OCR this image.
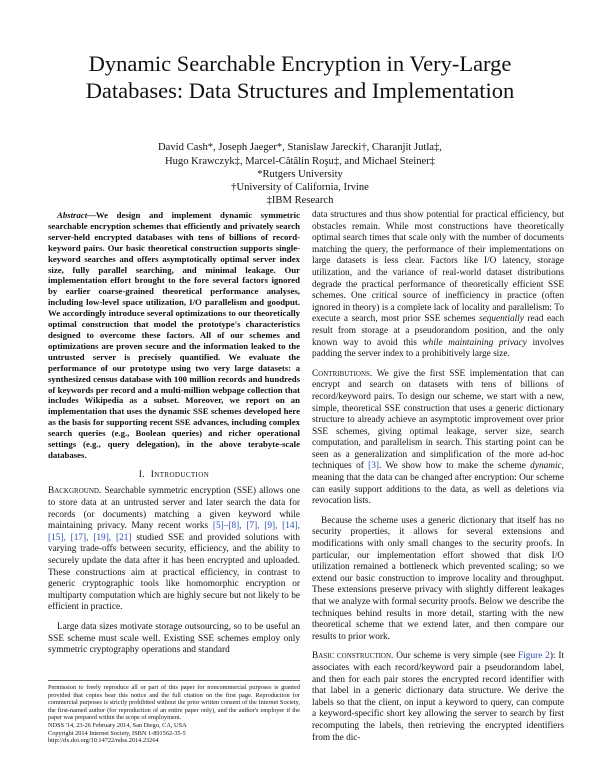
Dynamic Searchable Encryption in Very-Large Databases: Data Structures and Implementation
David Cash*, Joseph Jaeger*, Stanislaw Jarecki†, Charanjit Jutla‡,
Hugo Krawczyk‡, Marcel-Cătălin Roşu‡, and Michael Steiner‡
*Rutgers University
†University of California, Irvine
‡IBM Research

Abstract—We design and implement dynamic symmetric searchable encryption schemes that efficiently and privately search server-held encrypted databases with tens of billions of record-keyword pairs. Our basic theoretical construction supports single-keyword searches and offers asymptotically optimal server index size, fully parallel searching, and minimal leakage. Our implementation effort brought to the fore several factors ignored by earlier coarse-grained theoretical performance analyses, including low-level space utilization, I/O parallelism and goodput. We accordingly introduce several optimizations to our theoretically optimal construction that model the prototype's characteristics designed to overcome these factors. All of our schemes and optimizations are proven secure and the information leaked to the untrusted server is precisely quantified. We evaluate the performance of our prototype using two very large datasets: a synthesized census database with 100 million records and hundreds of keywords per record and a multi-million webpage collection that includes Wikipedia as a subset. Moreover, we report on an implementation that uses the dynamic SSE schemes developed here as the basis for supporting recent SSE advances, including complex search queries (e.g., Boolean queries) and richer operational settings (e.g., query delegation), in the above terabyte-scale databases.

I. Introduction

Background. Searchable symmetric encryption (SSE) allows one to store data at an untrusted server and later search the data for records (or documents) matching a given keyword while maintaining privacy. Many recent works [5]–[8], [7], [9], [14], [15], [17], [19], [21] studied SSE and provided solutions with varying trade-offs between security, efficiency, and the ability to securely update the data after it has been encrypted and uploaded. These constructions aim at practical efficiency, in contrast to generic cryptographic tools like homomorphic encryption or multiparty computation which are highly secure but not likely to be efficient in practice.

Large data sizes motivate storage outsourcing, so to be useful an SSE scheme must scale well. Existing SSE schemes employ only symmetric cryptography operations and standard

data structures and thus show potential for practical efficiency, but obstacles remain. While most constructions have theoretically optimal search times that scale only with the number of documents matching the query, the performance of their implementations on large datasets is less clear. Factors like I/O latency, storage utilization, and the variance of real-world dataset distributions degrade the practical performance of theoretically efficient SSE schemes. One critical source of inefficiency in practice (often ignored in theory) is a complete lack of locality and parallelism: To execute a search, most prior SSE schemes sequentially read each result from storage at a pseudorandom position, and the only known way to avoid this while maintaining privacy involves padding the server index to a prohibitively large size.

Contributions. We give the first SSE implementation that can encrypt and search on datasets with tens of billions of record/keyword pairs. To design our scheme, we start with a new, simple, theoretical SSE construction that uses a generic dictionary structure to already achieve an asymptotic improvement over prior SSE schemes, giving optimal leakage, server size, search computation, and parallelism in search. This starting point can be seen as a generalization and simplification of the more ad-hoc techniques of [3]. We show how to make the scheme dynamic, meaning that the data can be changed after encryption: Our scheme can easily support additions to the data, as well as deletions via revocation lists.

Because the scheme uses a generic dictionary that itself has no security properties, it allows for several extensions and modifications with only small changes to the security proofs. In particular, our implementation effort showed that disk I/O utilization remained a bottleneck which prevented scaling; so we extend our basic construction to improve locality and throughput. These extensions preserve privacy with slightly different leakages that we analyze with formal security proofs. Below we describe the techniques behind results in more detail, starting with the new theoretical scheme that we extend later, and then compare our results to prior work.

Basic construction. Our scheme is very simple (see Figure 2): It associates with each record/keyword pair a pseudorandom label, and then for each pair stores the encrypted record identifier with that label in a generic dictionary data structure. We derive the labels so that the client, on input a keyword to query, can compute a keyword-specific short key allowing the server to search by first recomputing the labels, then retrieving the encrypted identifiers from the dic-

Permission to freely reproduce all or part of this paper for noncommercial purposes is granted provided that copies bear this notice and the full citation on the first page. Reproduction for commercial purposes is strictly prohibited without the prior written consent of the Internet Society, the first-named author (for reproduction of an entire paper only), and the author's employer if the paper was prepared within the scope of employment.
NDSS '14, 23-26 February 2014, San Diego, CA, USA
Copyright 2014 Internet Society, ISBN 1-891562-35-5
http://dx.doi.org/10.14722/ndss.2014.23264
